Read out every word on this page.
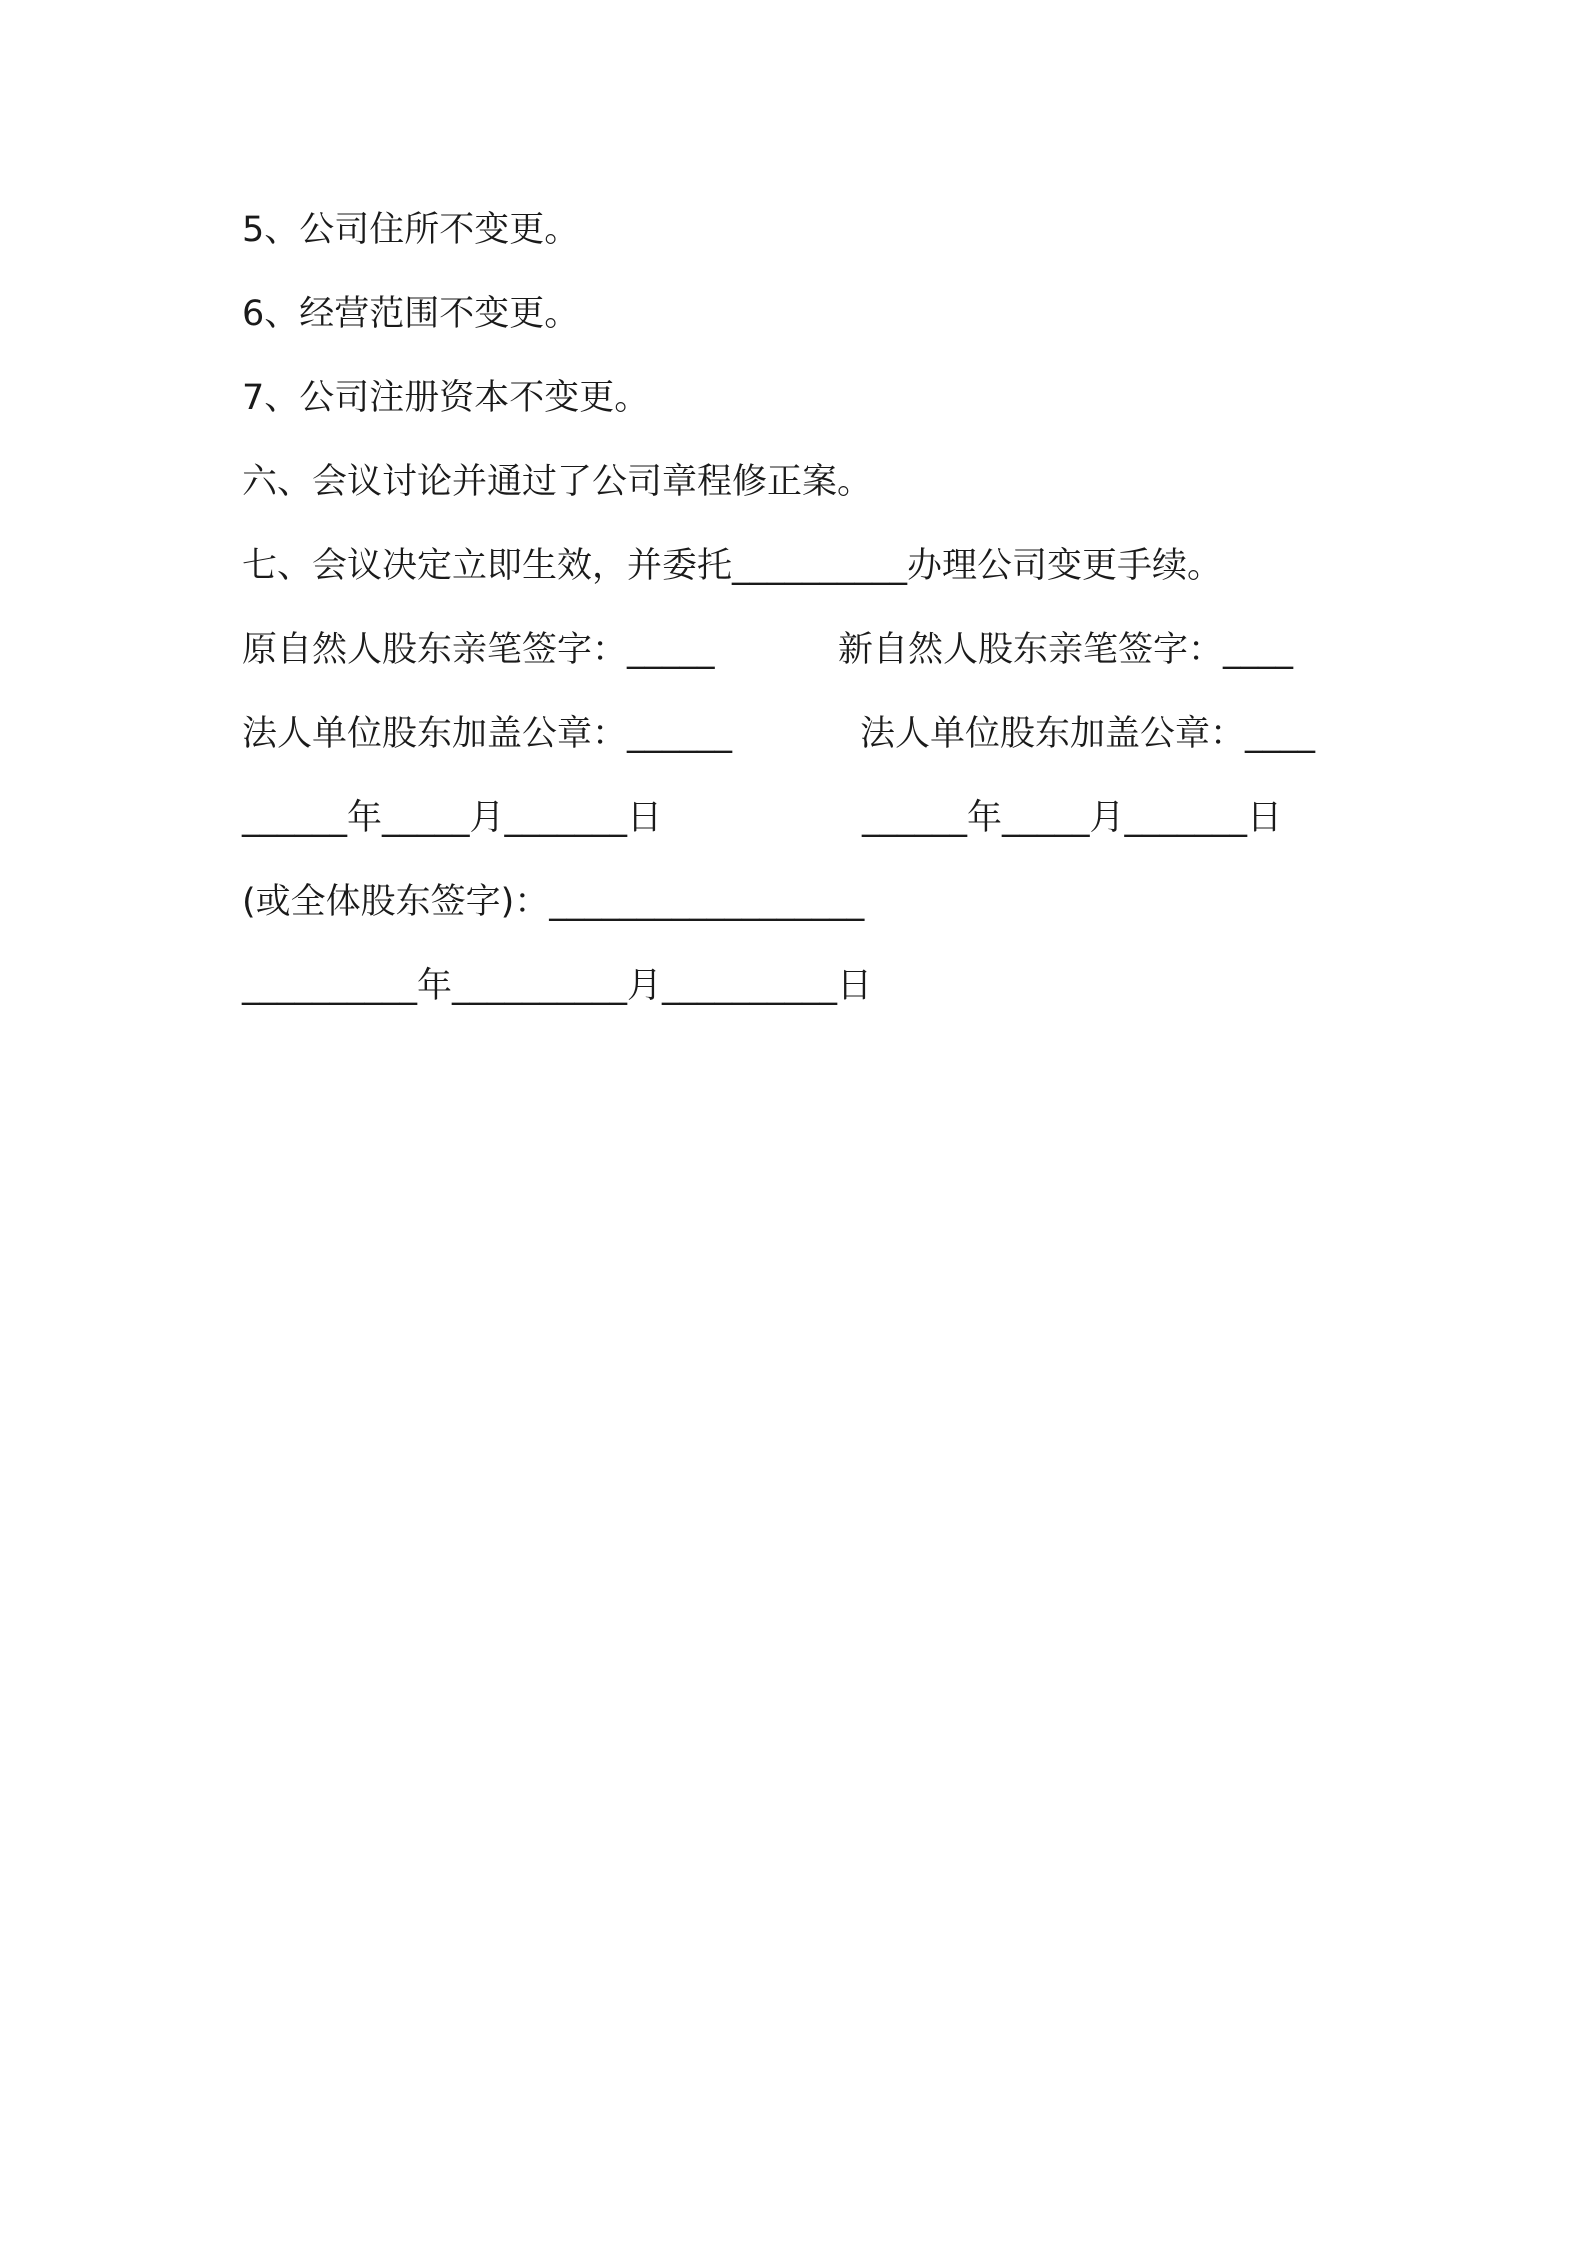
5、公司住所不变更。
6、经营范围不变更。
7、公司注册资本不变更。
六、会议讨论并通过了公司章程修正案。
七、会议决定立即生效，并委托__________办理公司变更手续。
原自然人股东亲笔签字：_____	新自然人股东亲笔签字：____
法人单位股东加盖公章：______	法人单位股东加盖公章：____
______年_____月_______日	______年_____月_______日
(或全体股东签字)：__________________
__________年__________月__________日
